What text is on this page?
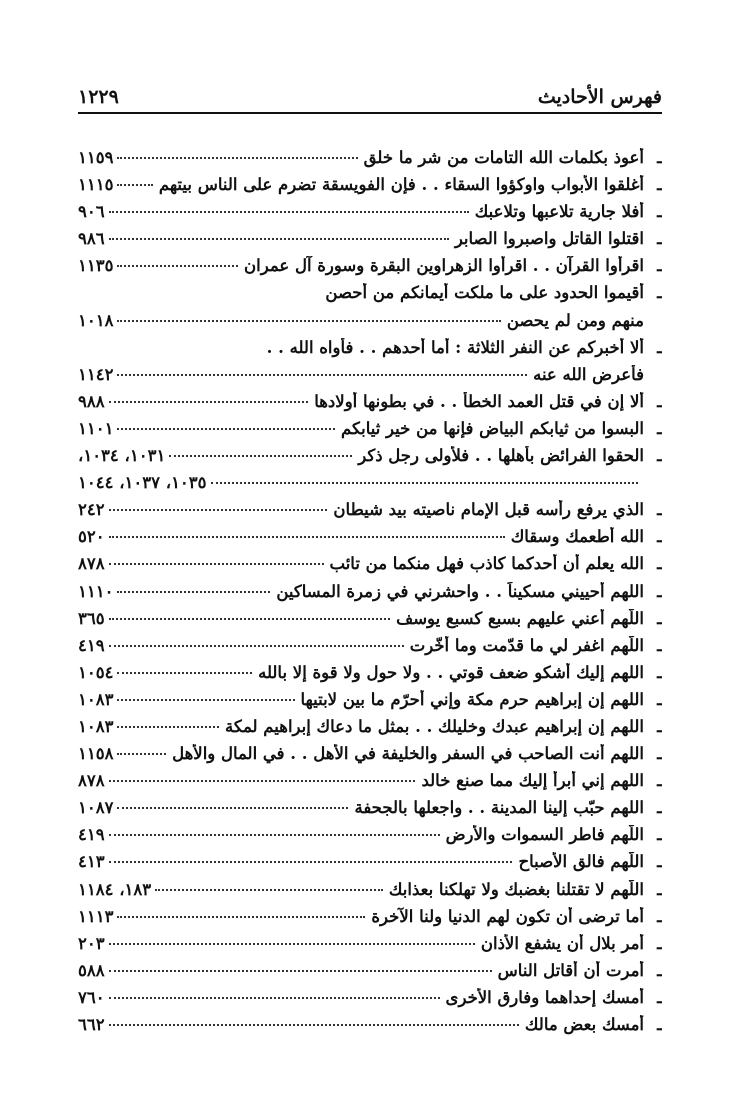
فهرس الأحاديث
١٢٢٩
ـ
أعوذ بكلمات الله التامات من شر ما خلق
١١٥٩
ـ
أغلقوا الأبواب واوكؤوا السقاء . . فإن الفويسقة تضرم على الناس بيتهم
١١١٥
ـ
أفلا جارية تلاعبها وتلاعبك
٩٠٦
ـ
اقتلوا القاتل واصبروا الصابر
٩٨٦
ـ
اقرأوا القرآن . . اقرأوا الزهراوين البقرة وسورة آل عمران
١١٣٥
ـ
أقيموا الحدود على ما ملكت أيمانكم من أحصن
منهم ومن لم يحصن
١٠١٨
ـ
ألا أخبركم عن النفر الثلاثة : أما أحدهم . . فأواه الله . .
فأعرض الله عنه
١١٤٢
ـ
ألا إن في قتل العمد الخطأ . . في بطونها أولادها
٩٨٨
ـ
البسوا من ثيابكم البياض فإنها من خير ثيابكم
١١٠١
ـ
الحقوا الفرائض بأهلها . . فلأولى رجل ذكر
١٠٣١، ١٠٣٤،
١٠٣٥، ١٠٣٧، ١٠٤٤
ـ
الذي يرفع رأسه قبل الإمام ناصيته بيد شيطان
٢٤٢
ـ
الله أطعمك وسقاك
٥٢٠
ـ
الله يعلم أن أحدكما كاذب فهل منكما من تائب
٨٧٨
ـ
اللهم أحييني مسكيناً . . واحشرني في زمرة المساكين
١١١٠
ـ
اللّهم أعني عليهم بسبع كسبع يوسف
٣٦٥
ـ
اللّهم اغفر لي ما قدّمت وما أخّرت
٤١٩
ـ
اللهم إليك أشكو ضعف قوتي . . ولا حول ولا قوة إلا بالله
١٠٥٤
ـ
اللهم إن إبراهيم حرم مكة وإني أحرّم ما بين لابتيها
١٠٨٣
ـ
اللهم إن إبراهيم عبدك وخليلك . . بمثل ما دعاك إبراهيم لمكة
١٠٨٣
ـ
اللهم أنت الصاحب في السفر والخليفة في الأهل . . في المال والأهل
١١٥٨
ـ
اللهم إني أبرأ إليك مما صنع خالد
٨٧٨
ـ
اللهم حبّب إلينا المدينة . . واجعلها بالجحفة
١٠٨٧
ـ
اللّهم فاطر السموات والأرض
٤١٩
ـ
اللّهم فالق الأصباح
٤١٣
ـ
اللّهم لا تقتلنا بغضبك ولا تهلكنا بعذابك
١٨٣، ١١٨٤
ـ
أما ترضى أن تكون لهم الدنيا ولنا الآخرة
١١١٣
ـ
أمر بلال أن يشفع الأذان
٢٠٣
ـ
أمرت أن أقاتل الناس
٥٨٨
ـ
أمسك إحداهما وفارق الأخرى
٧٦٠
ـ
أمسك بعض مالك
٦٦٢
